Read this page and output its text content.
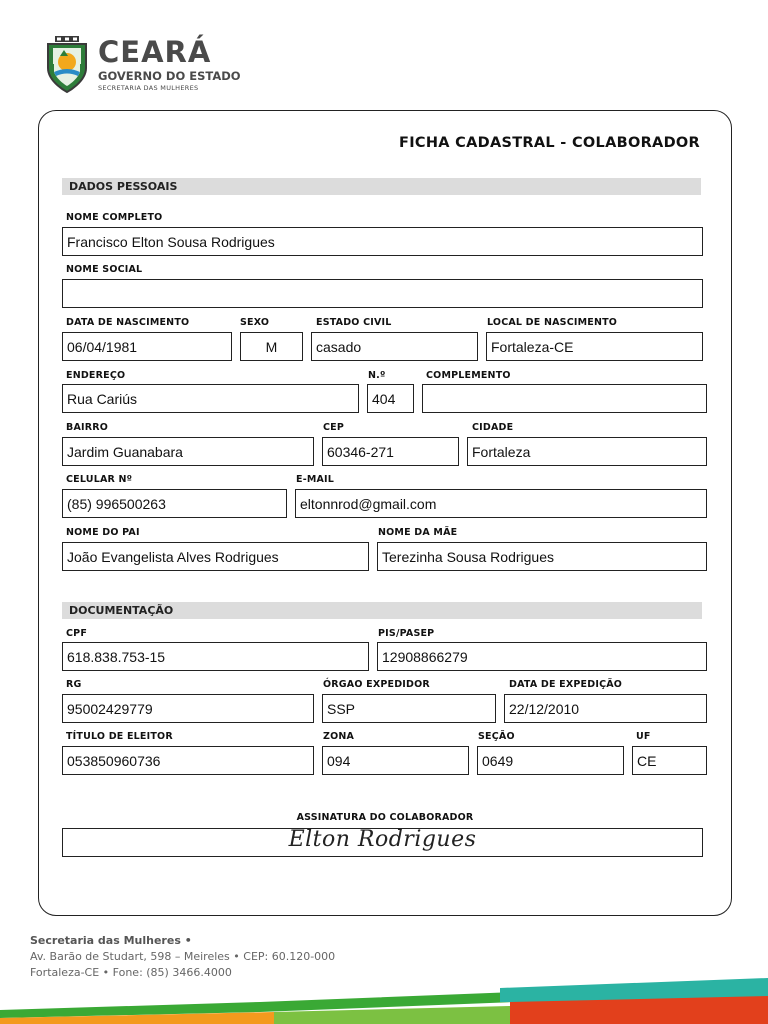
CEARÁ
GOVERNO DO ESTADO
SECRETARIA DAS MULHERES
FICHA CADASTRAL - COLABORADOR
DADOS PESSOAIS
NOME COMPLETO
Francisco Elton Sousa Rodrigues
NOME SOCIAL
DATA DE NASCIMENTO	SEXO	ESTADO CIVIL	LOCAL DE NASCIMENTO
06/04/1981	M	casado	Fortaleza-CE
ENDEREÇO	N.º	COMPLEMENTO
Rua Cariús	404
BAIRRO	CEP	CIDADE
Jardim Guanabara	60346-271	Fortaleza
CELULAR Nº	E-MAIL
(85) 996500263	eltonnrod@gmail.com
NOME DO PAI	NOME DA MÃE
João Evangelista Alves Rodrigues	Terezinha Sousa Rodrigues
DOCUMENTAÇÃO
CPF	PIS/PASEP
618.838.753-15	12908866279
RG	ÓRGAO EXPEDIDOR	DATA DE EXPEDIÇÃO
95002429779	SSP	22/12/2010
TÍTULO DE ELEITOR	ZONA	SEÇÃO	UF
053850960736	094	0649	CE
ASSINATURA DO COLABORADOR
Elton Rodrigues
Secretaria das Mulheres •
Av. Barão de Studart, 598 – Meireles • CEP: 60.120-000
Fortaleza-CE • Fone: (85) 3466.4000
